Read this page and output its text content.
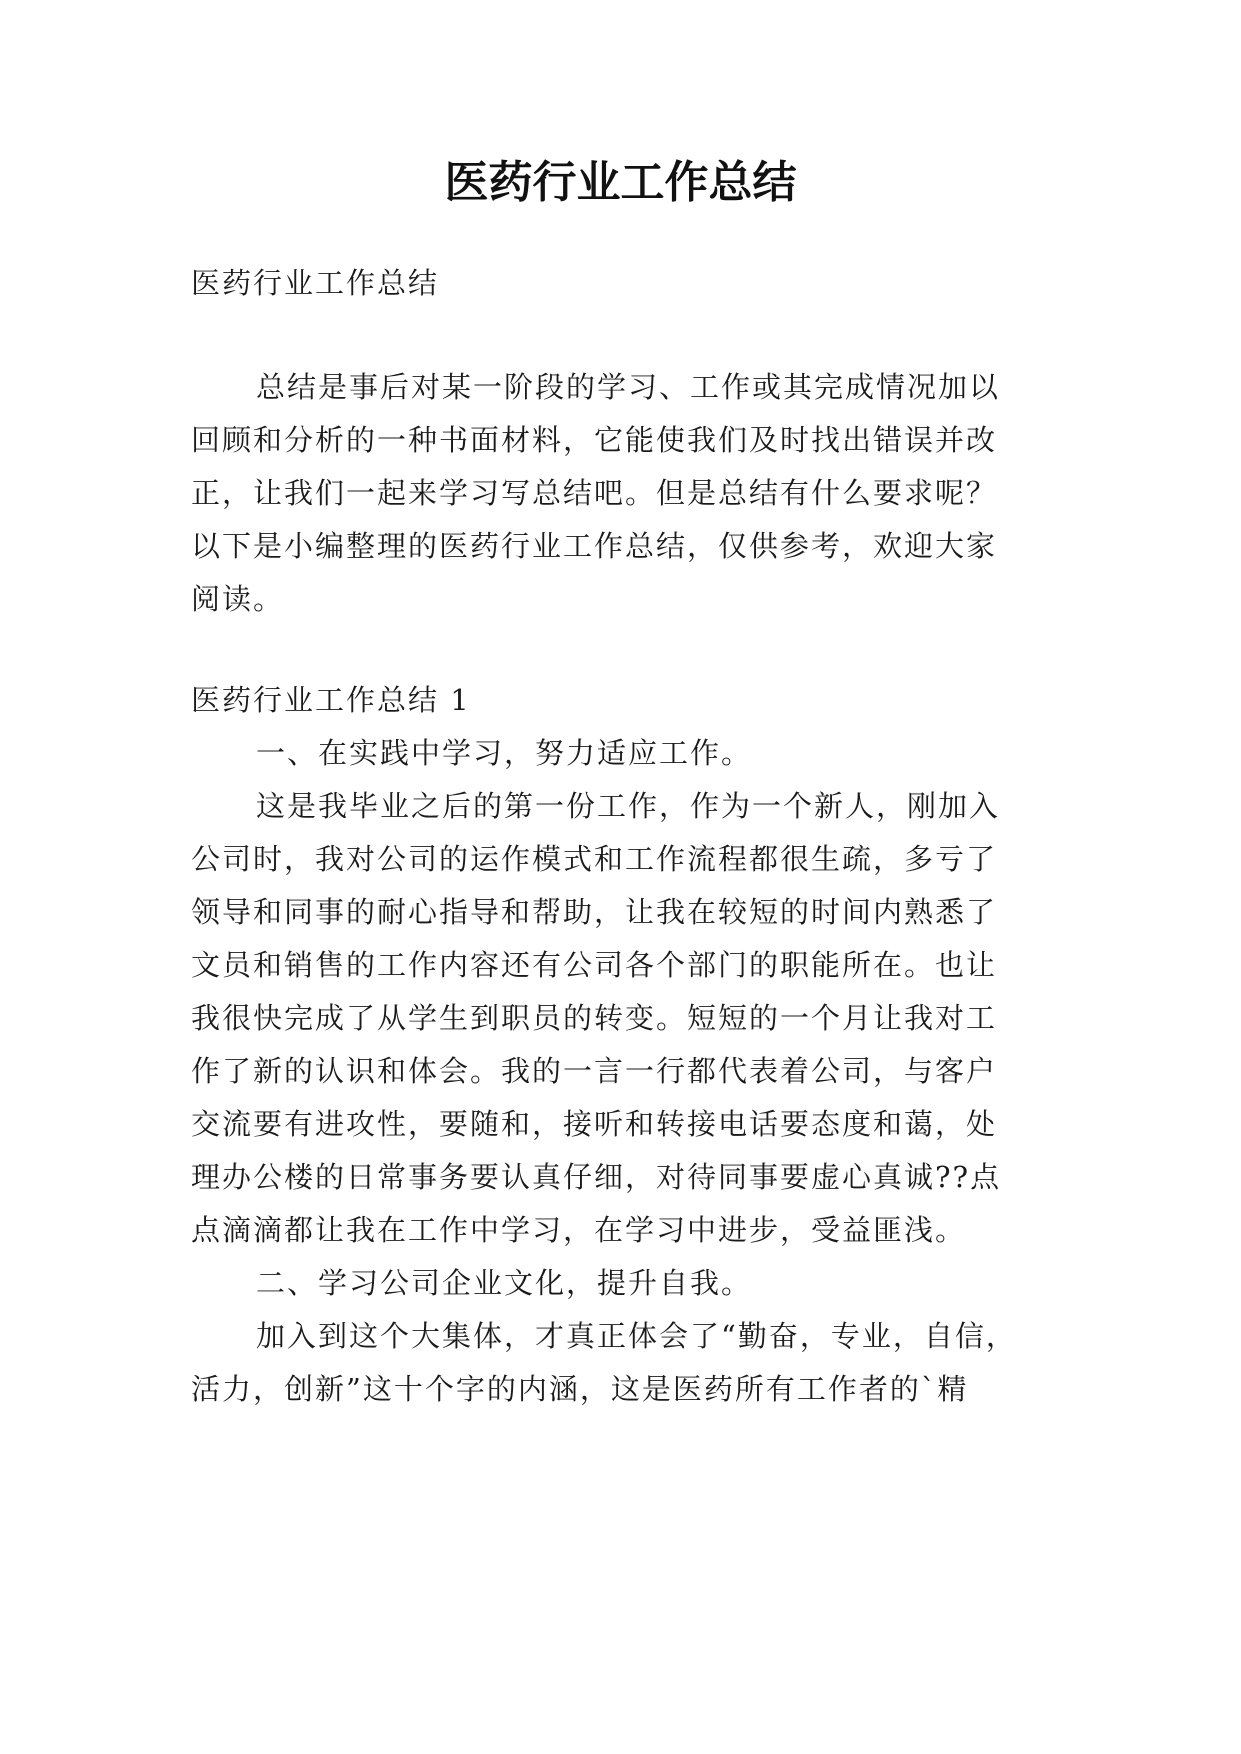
医药行业工作总结
医药行业工作总结
总结是事后对某一阶段的学习、工作或其完成情况加以
回顾和分析的一种书面材料，它能使我们及时找出错误并改
正，让我们一起来学习写总结吧。但是总结有什么要求呢？
以下是小编整理的医药行业工作总结，仅供参考，欢迎大家
阅读。
医药行业工作总结 1
一、在实践中学习，努力适应工作。
这是我毕业之后的第一份工作，作为一个新人，刚加入
公司时，我对公司的运作模式和工作流程都很生疏，多亏了
领导和同事的耐心指导和帮助，让我在较短的时间内熟悉了
文员和销售的工作内容还有公司各个部门的职能所在。也让
我很快完成了从学生到职员的转变。短短的一个月让我对工
作了新的认识和体会。我的一言一行都代表着公司，与客户
交流要有进攻性，要随和，接听和转接电话要态度和蔼，处
理办公楼的日常事务要认真仔细，对待同事要虚心真诚??点
点滴滴都让我在工作中学习，在学习中进步，受益匪浅。
二、学习公司企业文化，提升自我。
加入到这个大集体，才真正体会了“勤奋，专业，自信，
活力，创新”这十个字的内涵，这是医药所有工作者的`精
